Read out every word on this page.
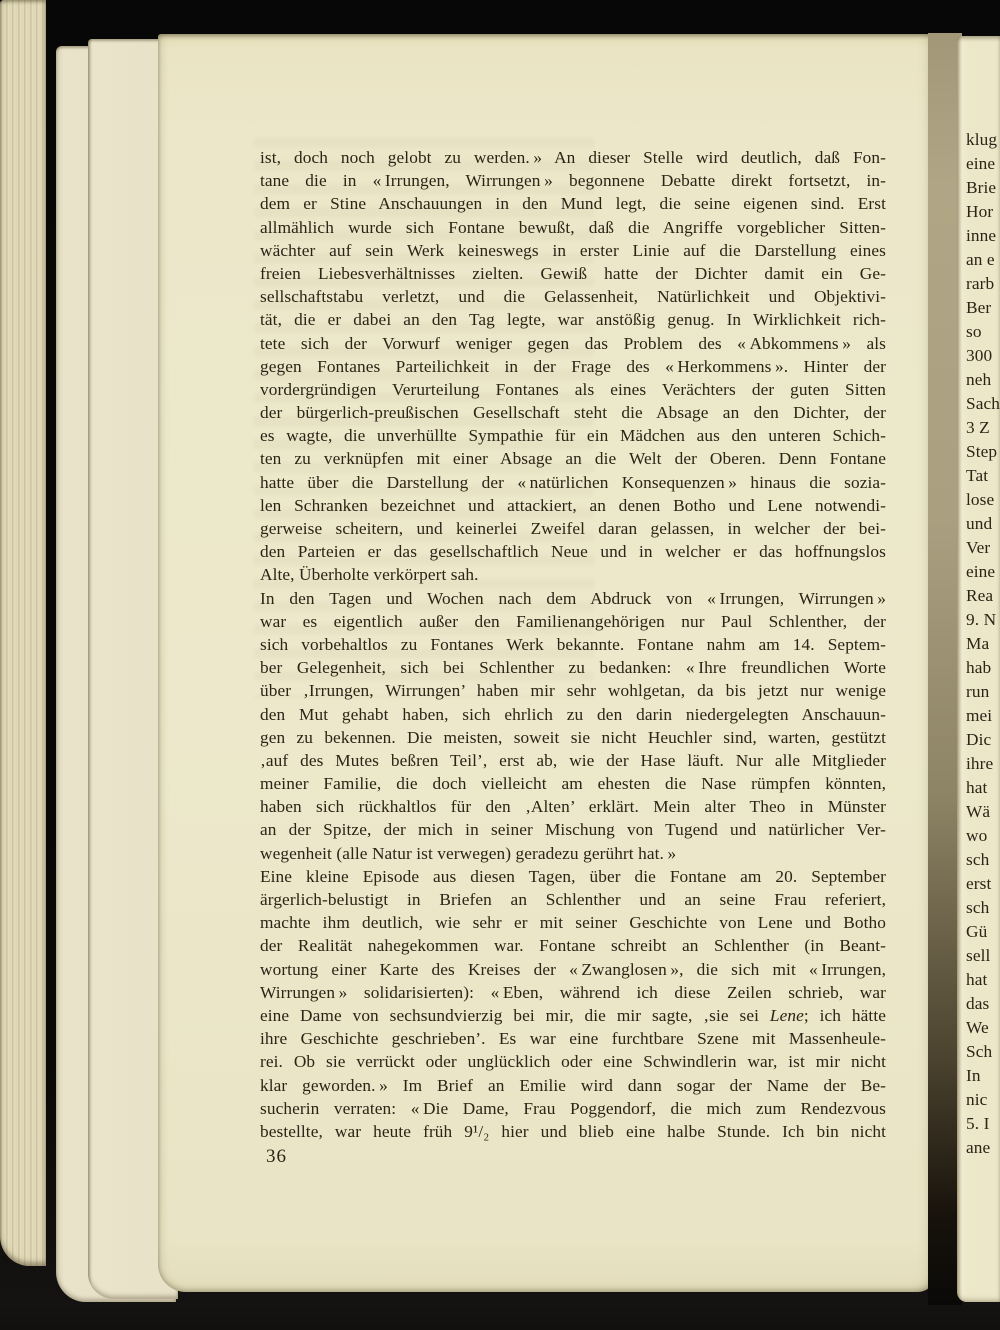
ist, doch noch gelobt zu werden. » An dieser Stelle wird deutlich, daß Fon-
tane die in « Irrungen, Wirrungen » begonnene Debatte direkt fortsetzt, in-
dem er Stine Anschauungen in den Mund legt, die seine eigenen sind. Erst
allmählich wurde sich Fontane bewußt, daß die Angriffe vorgeblicher Sitten-
wächter auf sein Werk keineswegs in erster Linie auf die Darstellung eines
freien Liebesverhältnisses zielten. Gewiß hatte der Dichter damit ein Ge-
sellschaftstabu verletzt, und die Gelassenheit, Natürlichkeit und Objektivi-
tät, die er dabei an den Tag legte, war anstößig genug. In Wirklichkeit rich-
tete sich der Vorwurf weniger gegen das Problem des « Abkommens » als
gegen Fontanes Parteilichkeit in der Frage des « Herkommens ». Hinter der
vordergründigen Verurteilung Fontanes als eines Verächters der guten Sitten
der bürgerlich-preußischen Gesellschaft steht die Absage an den Dichter, der
es wagte, die unverhüllte Sympathie für ein Mädchen aus den unteren Schich-
ten zu verknüpfen mit einer Absage an die Welt der Oberen. Denn Fontane
hatte über die Darstellung der « natürlichen Konsequenzen » hinaus die sozia-
len Schranken bezeichnet und attackiert, an denen Botho und Lene notwendi-
gerweise scheitern, und keinerlei Zweifel daran gelassen, in welcher der bei-
den Parteien er das gesellschaftlich Neue und in welcher er das hoffnungslos
Alte, Überholte verkörpert sah.
In den Tagen und Wochen nach dem Abdruck von « Irrungen, Wirrungen »
war es eigentlich außer den Familienangehörigen nur Paul Schlenther, der
sich vorbehaltlos zu Fontanes Werk bekannte. Fontane nahm am 14. Septem-
ber Gelegenheit, sich bei Schlenther zu bedanken: « Ihre freundlichen Worte
über ‚Irrungen, Wirrungen’ haben mir sehr wohlgetan, da bis jetzt nur wenige
den Mut gehabt haben, sich ehrlich zu den darin niedergelegten Anschauun-
gen zu bekennen. Die meisten, soweit sie nicht Heuchler sind, warten, gestützt
‚auf des Mutes beßren Teil’, erst ab, wie der Hase läuft. Nur alle Mitglieder
meiner Familie, die doch vielleicht am ehesten die Nase rümpfen könnten,
haben sich rückhaltlos für den ‚Alten’ erklärt. Mein alter Theo in Münster
an der Spitze, der mich in seiner Mischung von Tugend und natürlicher Ver-
wegenheit (alle Natur ist verwegen) geradezu gerührt hat. »
Eine kleine Episode aus diesen Tagen, über die Fontane am 20. September
ärgerlich-belustigt in Briefen an Schlenther und an seine Frau referiert,
machte ihm deutlich, wie sehr er mit seiner Geschichte von Lene und Botho
der Realität nahegekommen war. Fontane schreibt an Schlenther (in Beant-
wortung einer Karte des Kreises der « Zwanglosen », die sich mit « Irrungen,
Wirrungen » solidarisierten): « Eben, während ich diese Zeilen schrieb, war
eine Dame von sechsundvierzig bei mir, die mir sagte, ‚sie sei Lene; ich hätte
ihre Geschichte geschrieben’. Es war eine furchtbare Szene mit Massenheule-
rei. Ob sie verrückt oder unglücklich oder eine Schwindlerin war, ist mir nicht
klar geworden. » Im Brief an Emilie wird dann sogar der Name der Be-
sucherin verraten: « Die Dame, Frau Poggendorf, die mich zum Rendezvous
bestellte, war heute früh 9¹/₂ hier und blieb eine halbe Stunde. Ich bin nicht
36
klug
eine
Brie
Hor
inne
an e
rarb
Ber
so
300
neh
Sach
3 Z
Step
Tat
lose
und
Ver
eine
Rea
9. N
Ma
hab
run
mei
Dic
ihre
hat
Wä
wo
sch
erst
sch
Gü
sell
hat
das
We
Sch
In
nic
5. I
ane
